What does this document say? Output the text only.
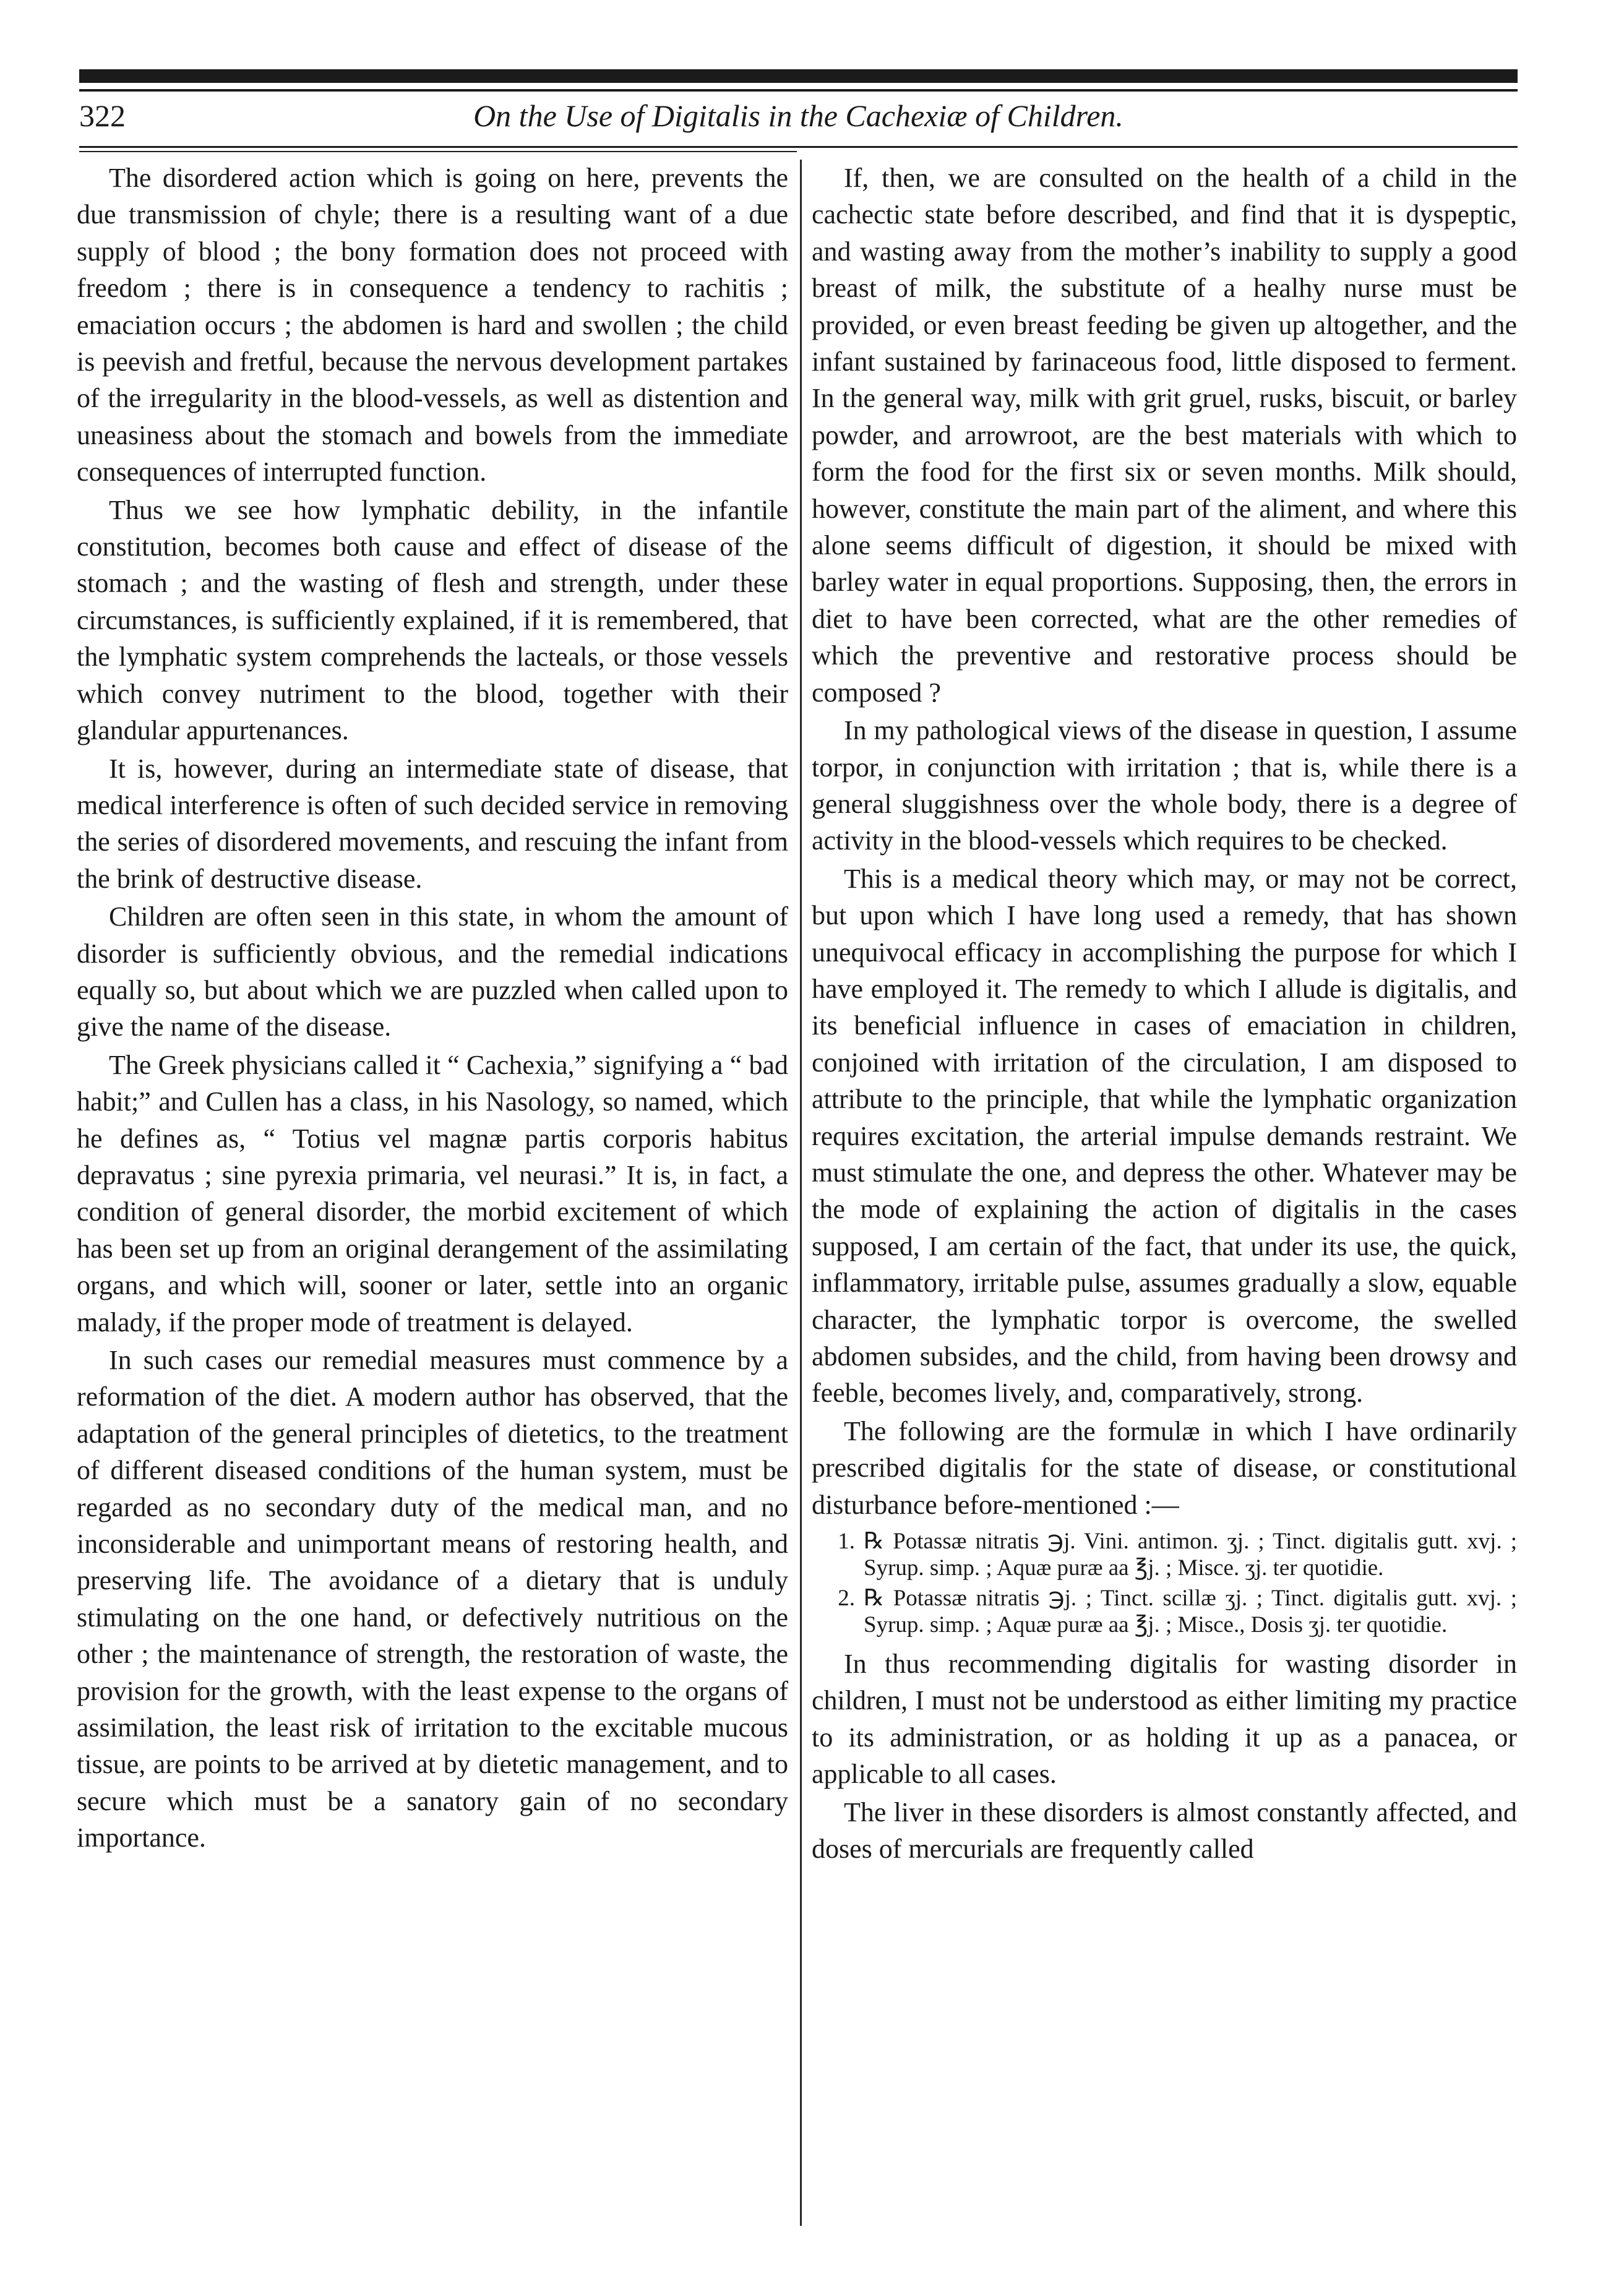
322	On the Use of Digitalis in the Cachexiæ of Children.

The disordered action which is going on here, prevents the due transmission of chyle; there is a resulting want of a due supply of blood ; the bony formation does not proceed with freedom ; there is in consequence a tendency to rachitis ; emaciation occurs ; the abdomen is hard and swollen ; the child is peevish and fretful, because the nervous development partakes of the irregularity in the blood-vessels, as well as distention and uneasiness about the stomach and bowels from the immediate consequences of interrupted function.

Thus we see how lymphatic debility, in the infantile constitution, becomes both cause and effect of disease of the stomach ; and the wasting of flesh and strength, under these circumstances, is sufficiently explained, if it is remembered, that the lymphatic system comprehends the lacteals, or those vessels which convey nutriment to the blood, together with their glandular appurtenances.

It is, however, during an intermediate state of disease, that medical interference is often of such decided service in removing the series of disordered movements, and rescuing the infant from the brink of destructive disease.

Children are often seen in this state, in whom the amount of disorder is sufficiently obvious, and the remedial indications equally so, but about which we are puzzled when called upon to give the name of the disease.

The Greek physicians called it “ Cachexia,” signifying a “ bad habit;” and Cullen has a class, in his Nasology, so named, which he defines as, “ Totius vel magnæ partis corporis habitus depravatus ; sine pyrexia primaria, vel neurasi.” It is, in fact, a condition of general disorder, the morbid excitement of which has been set up from an original derangement of the assimilating organs, and which will, sooner or later, settle into an organic malady, if the proper mode of treatment is delayed.

In such cases our remedial measures must commence by a reformation of the diet. A modern author has observed, that the adaptation of the general principles of dietetics, to the treatment of different diseased conditions of the human system, must be regarded as no secondary duty of the medical man, and no inconsiderable and unimportant means of restoring health, and preserving life. The avoidance of a dietary that is unduly stimulating on the one hand, or defectively nutritious on the other ; the maintenance of strength, the restoration of waste, the provision for the growth, with the least expense to the organs of assimilation, the least risk of irritation to the excitable mucous tissue, are points to be arrived at by dietetic management, and to secure which must be a sanatory gain of no secondary importance.

If, then, we are consulted on the health of a child in the cachectic state before described, and find that it is dyspeptic, and wasting away from the mother’s inability to supply a good breast of milk, the substitute of a healhy nurse must be provided, or even breast feeding be given up altogether, and the infant sustained by farinaceous food, little disposed to ferment. In the general way, milk with grit gruel, rusks, biscuit, or barley powder, and arrowroot, are the best materials with which to form the food for the first six or seven months. Milk should, however, constitute the main part of the aliment, and where this alone seems difficult of digestion, it should be mixed with barley water in equal proportions. Supposing, then, the errors in diet to have been corrected, what are the other remedies of which the preventive and restorative process should be composed ?

In my pathological views of the disease in question, I assume torpor, in conjunction with irritation ; that is, while there is a general sluggishness over the whole body, there is a degree of activity in the blood-vessels which requires to be checked.

This is a medical theory which may, or may not be correct, but upon which I have long used a remedy, that has shown unequivocal efficacy in accomplishing the purpose for which I have employed it. The remedy to which I allude is digitalis, and its beneficial influence in cases of emaciation in children, conjoined with irritation of the circulation, I am disposed to attribute to the principle, that while the lymphatic organization requires excitation, the arterial impulse demands restraint. We must stimulate the one, and depress the other. Whatever may be the mode of explaining the action of digitalis in the cases supposed, I am certain of the fact, that under its use, the quick, inflammatory, irritable pulse, assumes gradually a slow, equable character, the lymphatic torpor is overcome, the swelled abdomen subsides, and the child, from having been drowsy and feeble, becomes lively, and, comparatively, strong.

The following are the formulæ in which I have ordinarily prescribed digitalis for the state of disease, or constitutional disturbance before-mentioned :—

1. ℞ Potassæ nitratis ℈j. Vini. antimon. ʒj. ; Tinct. digitalis gutt. xvj. ; Syrup. simp. ; Aquæ puræ aa ℥j. ; Misce. ʒj. ter quotidie.
2. ℞ Potassæ nitratis ℈j. ; Tinct. scillæ ʒj. ; Tinct. digitalis gutt. xvj. ; Syrup. simp. ; Aquæ puræ aa ℥j. ; Misce., Dosis ʒj. ter quotidie.

In thus recommending digitalis for wasting disorder in children, I must not be understood as either limiting my practice to its administration, or as holding it up as a panacea, or applicable to all cases.

The liver in these disorders is almost constantly affected, and doses of mercurials are frequently called
